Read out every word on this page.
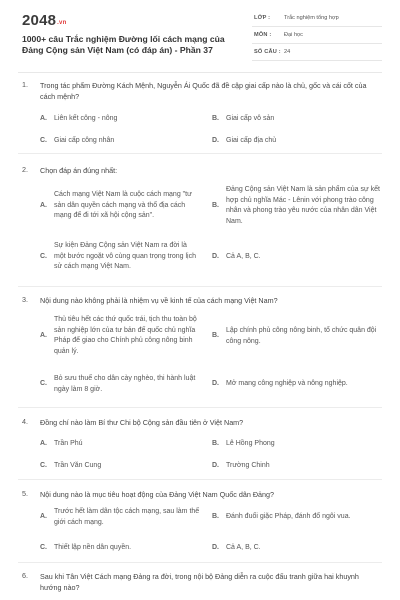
2048.vn
1000+ câu Trắc nghiệm Đường lối cách mạng của Đảng Cộng sản Việt Nam (có đáp án) - Phần 37
LỚP : Trắc nghiệm tổng hợp
MÔN : Đại học
SỐ CÂU : 24
1. Trong tác phẩm Đường Kách Mệnh, Nguyễn Ái Quốc đã đề cập giai cấp nào là chủ, gốc và cái cốt của cách mệnh?
A. Liên kết công - nông	B. Giai cấp vô sản
C. Giai cấp công nhân	D. Giai cấp địa chủ
2. Chọn đáp án đúng nhất:
A.
Cách mạng Việt Nam là cuộc cách mạng "tư sản dân quyền cách mạng và thổ địa cách mạng để đi tới xã hội cộng sản".
B.
Đảng Cộng sản Việt Nam là sản phẩm của sự kết hợp chủ nghĩa Mác - Lênin với phong trào công nhân và phong trào yêu nước của nhân dân Việt Nam.
C.
Sự kiện Đảng Cộng sản Việt Nam ra đời là một bước ngoặt vô cùng quan trọng trong lịch sử cách mạng Việt Nam.
D. Cả A, B, C.
3. Nội dung nào không phải là nhiệm vụ về kinh tế của cách mạng Việt Nam?
A.
Thủ tiêu hết các thứ quốc trái, tịch thu toàn bộ sản nghiệp lớn của tư bản đế quốc chủ nghĩa Pháp để giao cho Chính phủ công nông binh quản lý.
B.
Lập chính phủ công nông binh, tổ chức quân đội công nông.
C.
Bỏ sưu thuế cho dân cày nghèo, thi hành luật ngày làm 8 giờ.
D. Mở mang công nghiệp và nông nghiệp.
4. Đồng chí nào làm Bí thư Chi bộ Cộng sản đầu tiên ở Việt Nam?
A. Trần Phú	B. Lê Hồng Phong
C. Trần Văn Cung	D. Trường Chinh
5. Nội dung nào là mục tiêu hoạt động của Đảng Việt Nam Quốc dân Đảng?
A.
Trước hết làm dân tộc cách mạng, sau làm thế giới cách mạng.
B. Đánh đuổi giặc Pháp, đánh đổ ngôi vua.
C. Thiết lập nền dân quyền.	D. Cả A, B, C.
6. Sau khi Tân Việt Cách mạng Đảng ra đời, trong nội bộ Đảng diễn ra cuộc đấu tranh giữa hai khuynh hướng nào?
